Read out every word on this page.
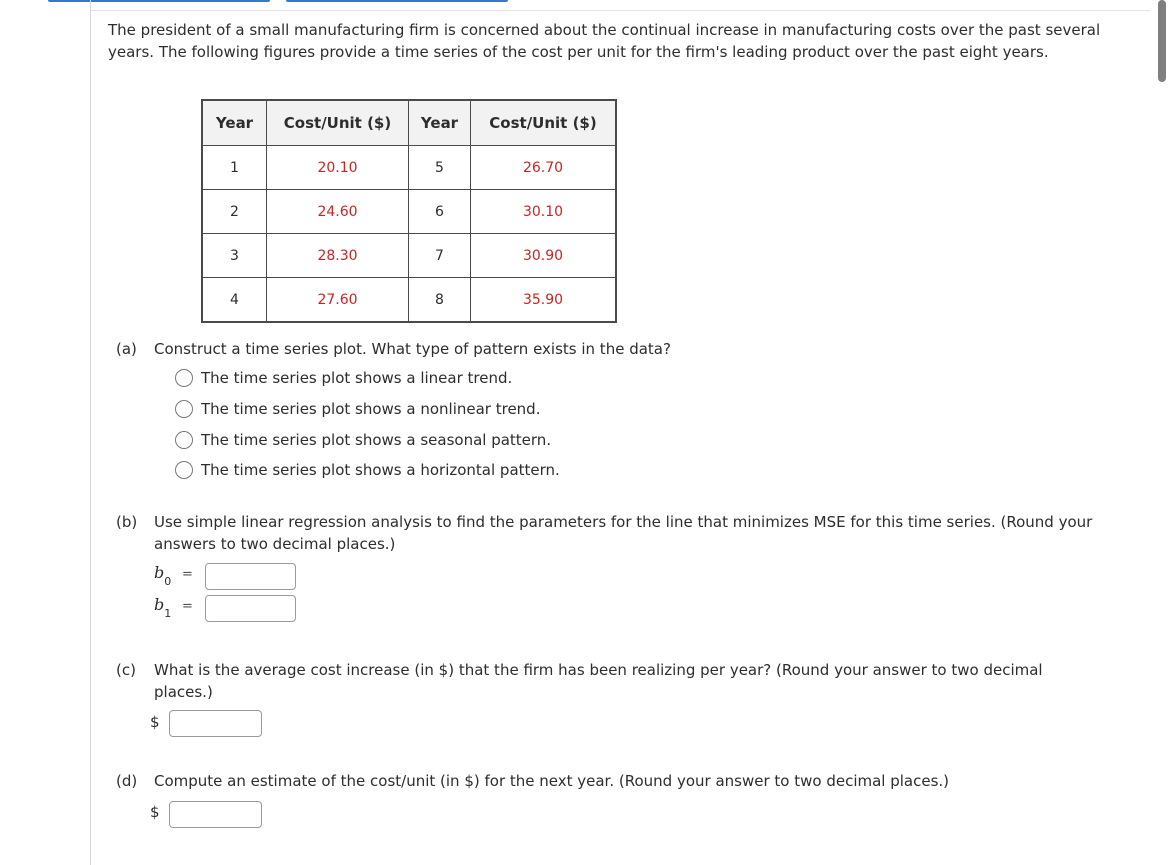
The president of a small manufacturing firm is concerned about the continual increase in manufacturing costs over the past several years. The following figures provide a time series of the cost per unit for the firm's leading product over the past eight years.
Year	Cost/Unit ($)	Year	Cost/Unit ($)
1	20.10	5	26.70
2	24.60	6	30.10
3	28.30	7	30.90
4	27.60	8	35.90
(a) Construct a time series plot. What type of pattern exists in the data?
The time series plot shows a linear trend.
The time series plot shows a nonlinear trend.
The time series plot shows a seasonal pattern.
The time series plot shows a horizontal pattern.
(b) Use simple linear regression analysis to find the parameters for the line that minimizes MSE for this time series. (Round your answers to two decimal places.)
$b_0$ =
$b_1$ =
(c) What is the average cost increase (in $) that the firm has been realizing per year? (Round your answer to two decimal places.)
$
(d) Compute an estimate of the cost/unit (in $) for the next year. (Round your answer to two decimal places.)
$
